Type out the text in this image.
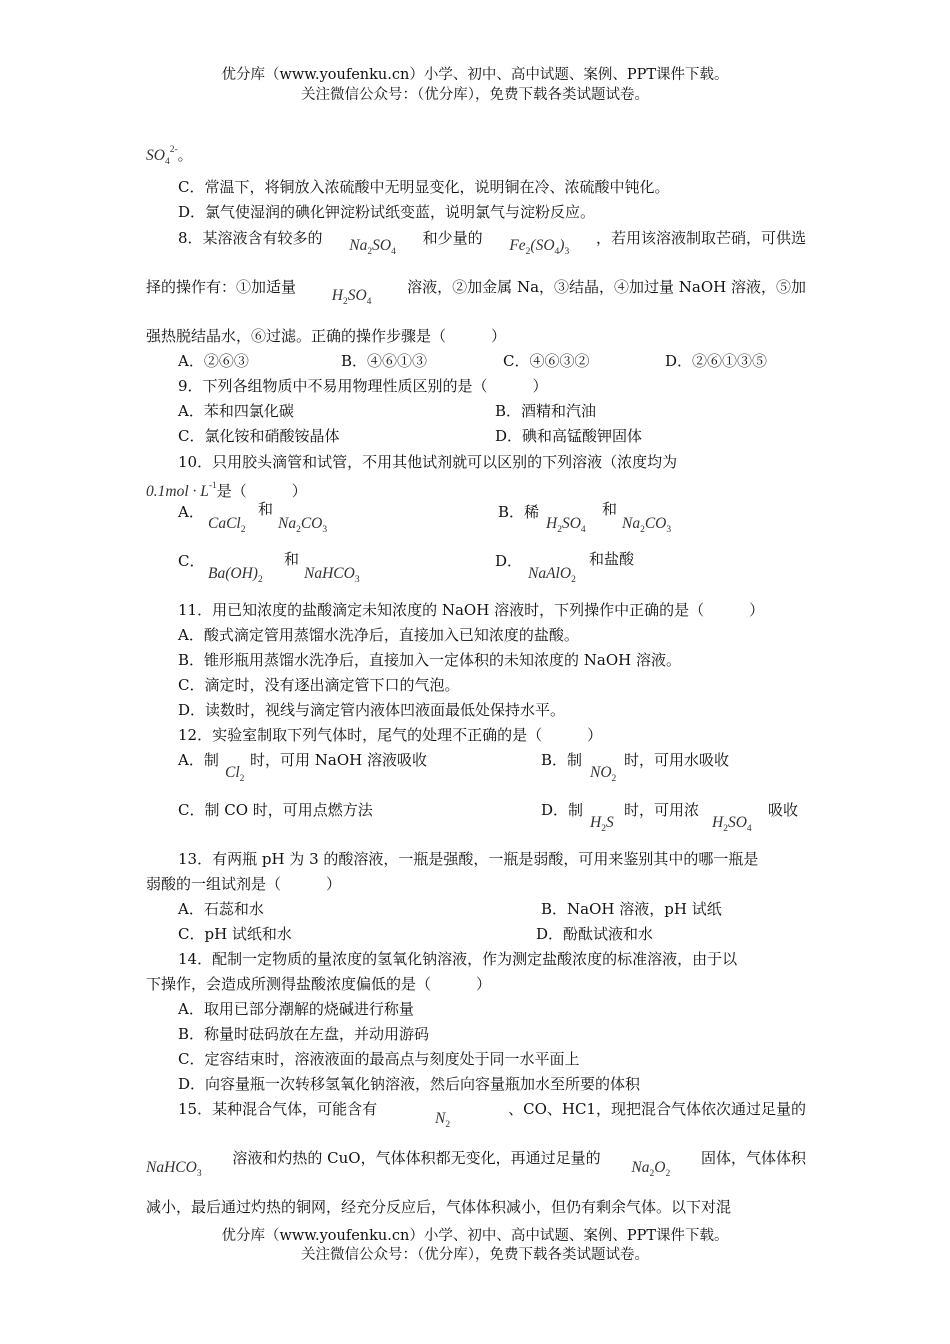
优分库（www.youfenku.cn）小学、初中、高中试题、案例、PPT课件下载。
关注微信公众号：（优分库），免费下载各类试题试卷。
$SO_4^{2-}$。
C．常温下，将铜放入浓硫酸中无明显变化，说明铜在冷、浓硫酸中钝化。
D．氯气使湿润的碘化钾淀粉试纸变蓝，说明氯气与淀粉反应。
8．某溶液含有较多的 $Na_2SO_4$
和少量的 $Fe_2(SO_4)_3$
，若用该溶液制取芒硝，可供选
择的操作有：①加适量 $H_2SO_4$
溶液，②加金属 Na，③结晶，④加过量 NaOH 溶液，⑤加
强热脱结晶水，⑥过滤。正确的操作步骤是（　　　）
A．②⑥③	B．④⑥①③	C．④⑥③②	D．②⑥①③⑤
9．下列各组物质中不易用物理性质区别的是（　　　）
A．苯和四氯化碳	B．酒精和汽油
C．氯化铵和硝酸铵晶体	D．碘和高锰酸钾固体
10．只用胶头滴管和试管，不用其他试剂就可以区别的下列溶液（浓度均为
$0.1mol \cdot L^{-1}$是（　　　）
A．
CaCl$_2$
和
$Na_2CO_3$
B．稀
$H_2SO_4$
和
$Na_2CO_3$
C．
$Ba(OH)_2$
和
NaHCO$_3$
D．
NaAlO$_2$
和盐酸
11．用已知浓度的盐酸滴定未知浓度的 NaOH 溶液时，下列操作中正确的是（　　　）
A．酸式滴定管用蒸馏水洗净后，直接加入已知浓度的盐酸。
B．锥形瓶用蒸馏水洗净后，直接加入一定体积的未知浓度的 NaOH 溶液。
C．滴定时，没有逐出滴定管下口的气泡。
D．读数时，视线与滴定管内液体凹液面最低处保持水平。
12．实验室制取下列气体时，尾气的处理不正确的是（　　　）
A．制
$Cl_2$
时，可用 NaOH 溶液吸收	B．制
$NO_2$
时，可用水吸收
C．制 CO 时，可用点燃方法	D．制
$H_2S$
时，可用浓
$H_2SO_4$
吸收
13．有两瓶 pH 为 3 的酸溶液，一瓶是强酸，一瓶是弱酸，可用来鉴别其中的哪一瓶是
弱酸的一组试剂是（　　　）
A．石蕊和水	B．NaOH 溶液，pH 试纸
C．pH 试纸和水	D．酚酞试液和水
14．配制一定物质的量浓度的氢氧化钠溶液，作为测定盐酸浓度的标准溶液，由于以
下操作，会造成所测得盐酸浓度偏低的是（　　　）
A．取用已部分潮解的烧碱进行称量
B．称量时砝码放在左盘，并动用游码
C．定容结束时，溶液液面的最高点与刻度处于同一水平面上
D．向容量瓶一次转移氢氧化钠溶液，然后向容量瓶加水至所要的体积
15．某种混合气体，可能含有
$N_2$
、CO、HC1，现把混合气体依次通过足量的
NaHCO$_3$
溶液和灼热的 CuO，气体体积都无变化，再通过足量的
$Na_2O_2$
固体，气体体积
减小，最后通过灼热的铜网，经充分反应后，气体体积减小，但仍有剩余气体。以下对混
优分库（www.youfenku.cn）小学、初中、高中试题、案例、PPT课件下载。
关注微信公众号：（优分库），免费下载各类试题试卷。
